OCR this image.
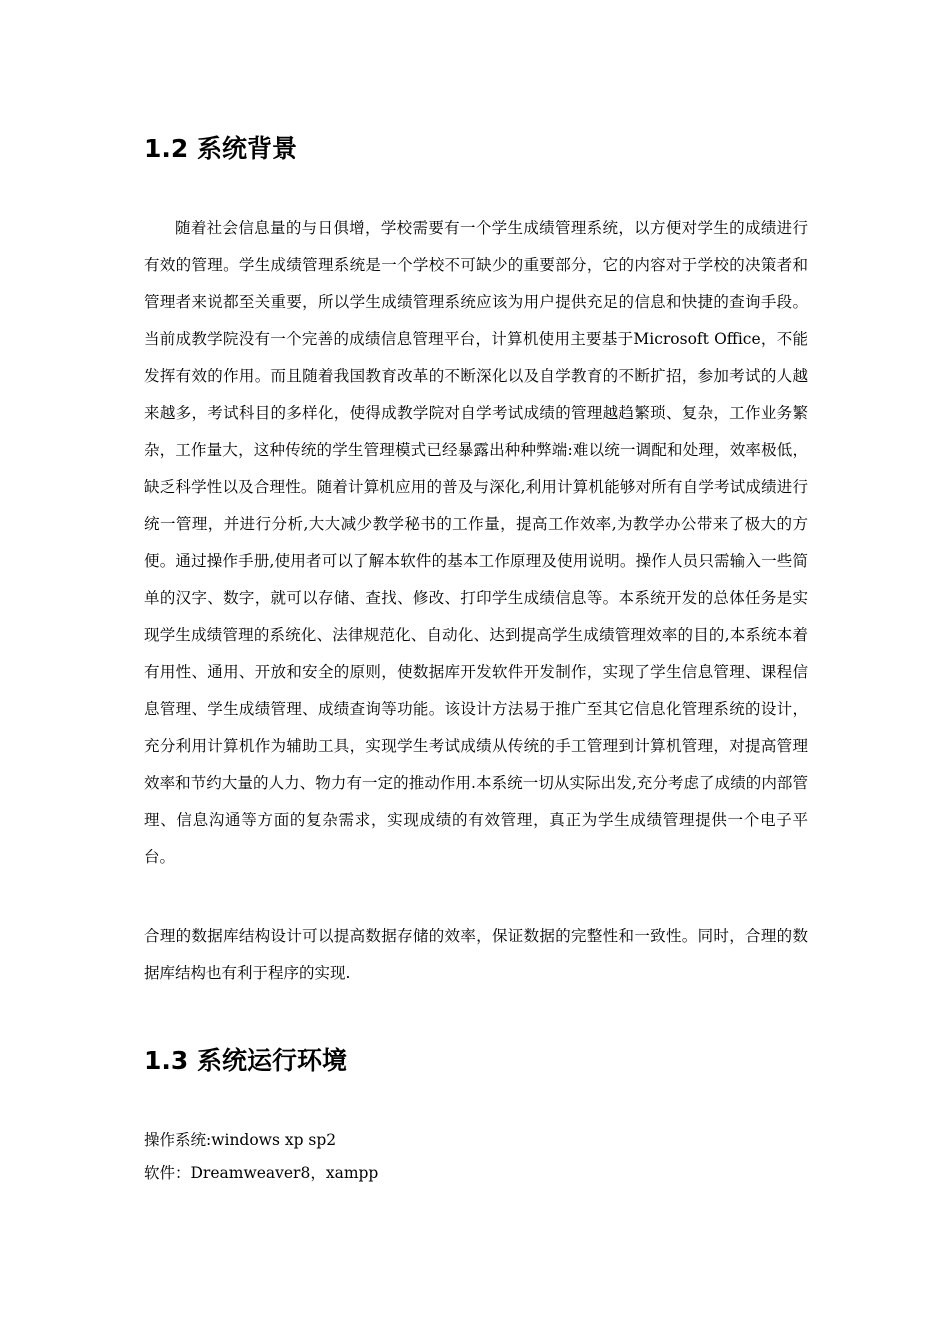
1.2 系统背景

随着社会信息量的与日俱增，学校需要有一个学生成绩管理系统，以方便对学生的成绩进行有效的管理。学生成绩管理系统是一个学校不可缺少的重要部分，它的内容对于学校的决策者和管理者来说都至关重要，所以学生成绩管理系统应该为用户提供充足的信息和快捷的查询手段。当前成教学院没有一个完善的成绩信息管理平台，计算机使用主要基于Microsoft Office，不能发挥有效的作用。而且随着我国教育改革的不断深化以及自学教育的不断扩招，参加考试的人越来越多，考试科目的多样化，使得成教学院对自学考试成绩的管理越趋繁琐、复杂，工作业务繁杂，工作量大，这种传统的学生管理模式已经暴露出种种弊端:难以统一调配和处理，效率极低，缺乏科学性以及合理性。随着计算机应用的普及与深化,利用计算机能够对所有自学考试成绩进行统一管理，并进行分析,大大减少教学秘书的工作量，提高工作效率,为教学办公带来了极大的方便。通过操作手册,使用者可以了解本软件的基本工作原理及使用说明。操作人员只需输入一些简单的汉字、数字，就可以存储、查找、修改、打印学生成绩信息等。本系统开发的总体任务是实现学生成绩管理的系统化、法律规范化、自动化、达到提高学生成绩管理效率的目的,本系统本着有用性、通用、开放和安全的原则，使数据库开发软件开发制作，实现了学生信息管理、课程信息管理、学生成绩管理、成绩查询等功能。该设计方法易于推广至其它信息化管理系统的设计，充分利用计算机作为辅助工具，实现学生考试成绩从传统的手工管理到计算机管理，对提高管理效率和节约大量的人力、物力有一定的推动作用.本系统一切从实际出发,充分考虑了成绩的内部管理、信息沟通等方面的复杂需求，实现成绩的有效管理，真正为学生成绩管理提供一个电子平台。

合理的数据库结构设计可以提高数据存储的效率，保证数据的完整性和一致性。同时，合理的数据库结构也有利于程序的实现.

1.3 系统运行环境

操作系统:windows xp sp2

软件：Dreamweaver8，xampp
